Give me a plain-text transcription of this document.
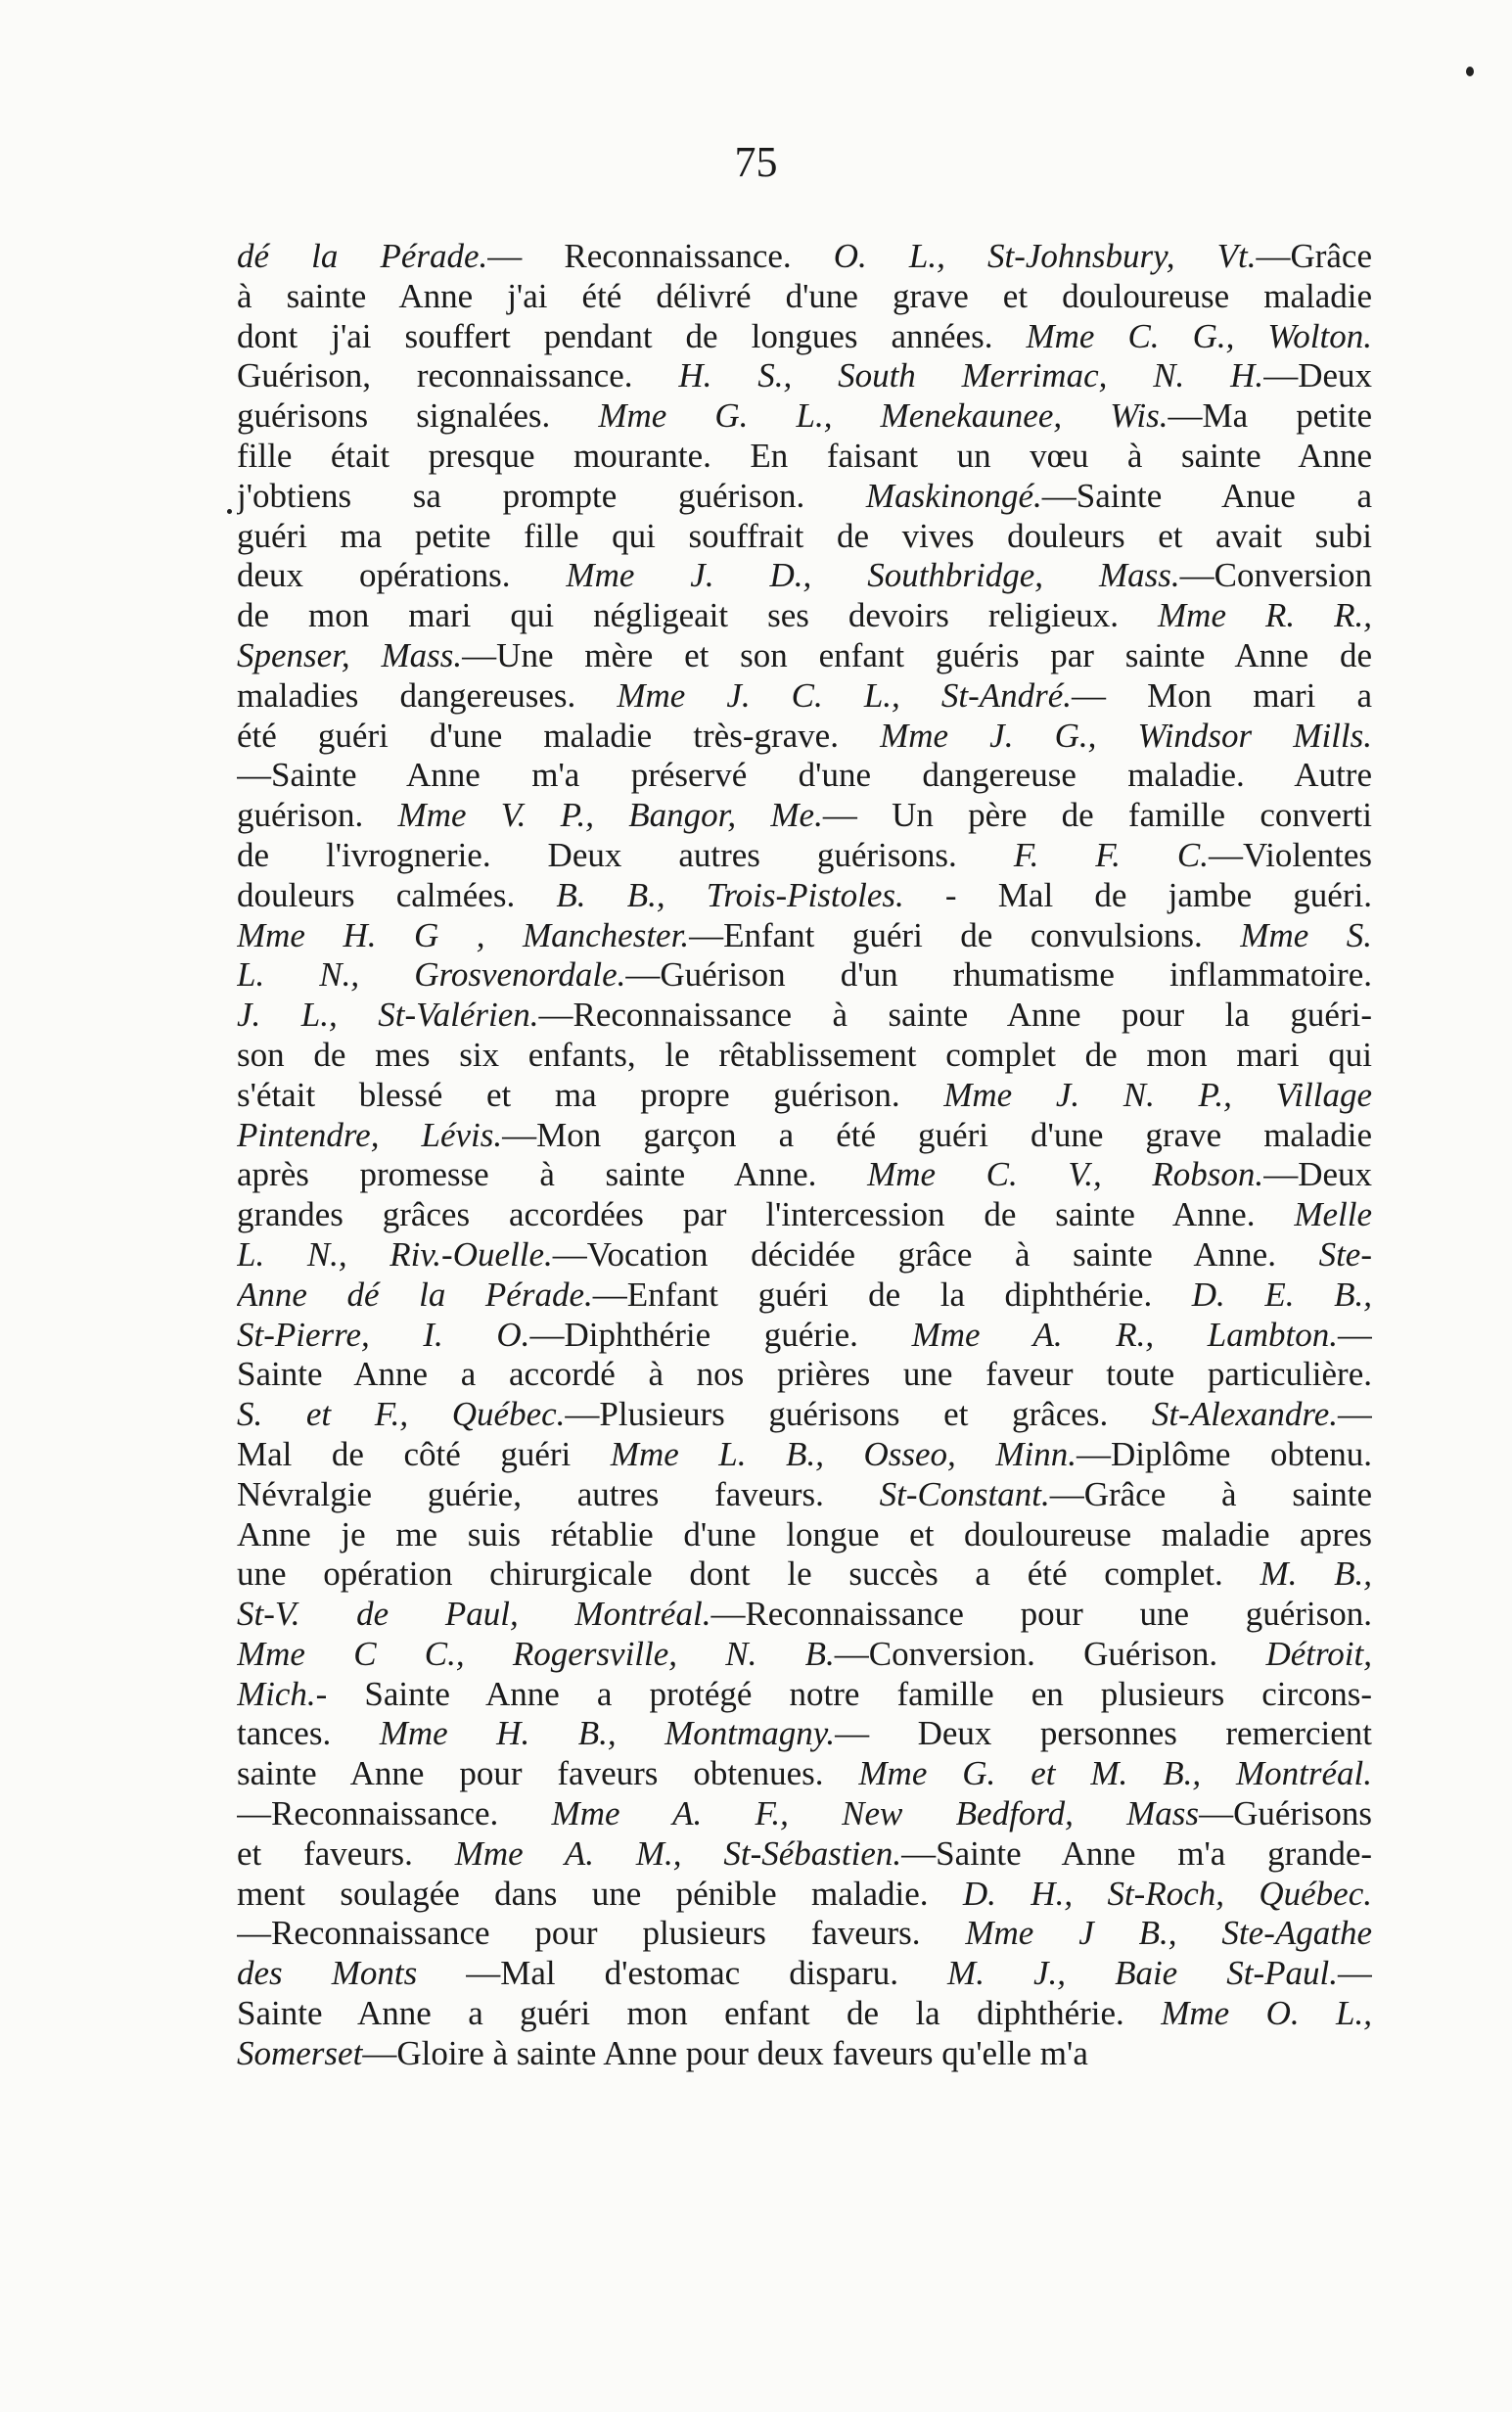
75
dé la Pérade.— Reconnaissance. O. L., St-Johnsbury, Vt.—Grâce
à sainte Anne j'ai été délivré d'une grave et douloureuse maladie
dont j'ai souffert pendant de longues années. Mme C. G., Wolton.
Guérison, reconnaissance. H. S., South Merrimac, N. H.—Deux
guérisons signalées. Mme G. L., Menekaunee, Wis.—Ma petite
fille était presque mourante. En faisant un vœu à sainte Anne
j'obtiens sa prompte guérison. Maskinongé.—Sainte Anue a
guéri ma petite fille qui souffrait de vives douleurs et avait subi
deux opérations. Mme J. D., Southbridge, Mass.—Conversion
de mon mari qui négligeait ses devoirs religieux. Mme R. R.,
Spenser, Mass.—Une mère et son enfant guéris par sainte Anne de
maladies dangereuses. Mme J. C. L., St-André.— Mon mari a
été guéri d'une maladie très-grave. Mme J. G., Windsor Mills.
—Sainte Anne m'a préservé d'une dangereuse maladie. Autre
guérison. Mme V. P., Bangor, Me.— Un père de famille converti
de l'ivrognerie. Deux autres guérisons. F. F. C.—Violentes
douleurs calmées. B. B., Trois-Pistoles. - Mal de jambe guéri.
Mme H. G , Manchester.—Enfant guéri de convulsions. Mme S.
L. N., Grosvenordale.—Guérison d'un rhumatisme inflammatoire.
J. L., St-Valérien.—Reconnaissance à sainte Anne pour la guéri-
son de mes six enfants, le rêtablissement complet de mon mari qui
s'était blessé et ma propre guérison. Mme J. N. P., Village
Pintendre, Lévis.—Mon garçon a été guéri d'une grave maladie
après promesse à sainte Anne. Mme C. V., Robson.—Deux
grandes grâces accordées par l'intercession de sainte Anne. Melle
L. N., Riv.-Ouelle.—Vocation décidée grâce à sainte Anne. Ste-
Anne dé la Pérade.—Enfant guéri de la diphthérie. D. E. B.,
St-Pierre, I. O.—Diphthérie guérie. Mme A. R., Lambton.—
Sainte Anne a accordé à nos prières une faveur toute particulière.
S. et F., Québec.—Plusieurs guérisons et grâces. St-Alexandre.—
Mal de côté guéri Mme L. B., Osseo, Minn.—Diplôme obtenu.
Névralgie guérie, autres faveurs. St-Constant.—Grâce à sainte
Anne je me suis rétablie d'une longue et douloureuse maladie apres
une opération chirurgicale dont le succès a été complet. M. B.,
St-V. de Paul, Montréal.—Reconnaissance pour une guérison.
Mme C C., Rogersville, N. B.—Conversion. Guérison. Détroit,
Mich.- Sainte Anne a protégé notre famille en plusieurs circons-
tances. Mme H. B., Montmagny.— Deux personnes remercient
sainte Anne pour faveurs obtenues. Mme G. et M. B., Montréal.
—Reconnaissance. Mme A. F., New Bedford, Mass—Guérisons
et faveurs. Mme A. M., St-Sébastien.—Sainte Anne m'a grande-
ment soulagée dans une pénible maladie. D. H., St-Roch, Québec.
—Reconnaissance pour plusieurs faveurs. Mme J B., Ste-Agathe
des Monts —Mal d'estomac disparu. M. J., Baie St-Paul.—
Sainte Anne a guéri mon enfant de la diphthérie. Mme O. L.,
Somerset—Gloire à sainte Anne pour deux faveurs qu'elle m'a
